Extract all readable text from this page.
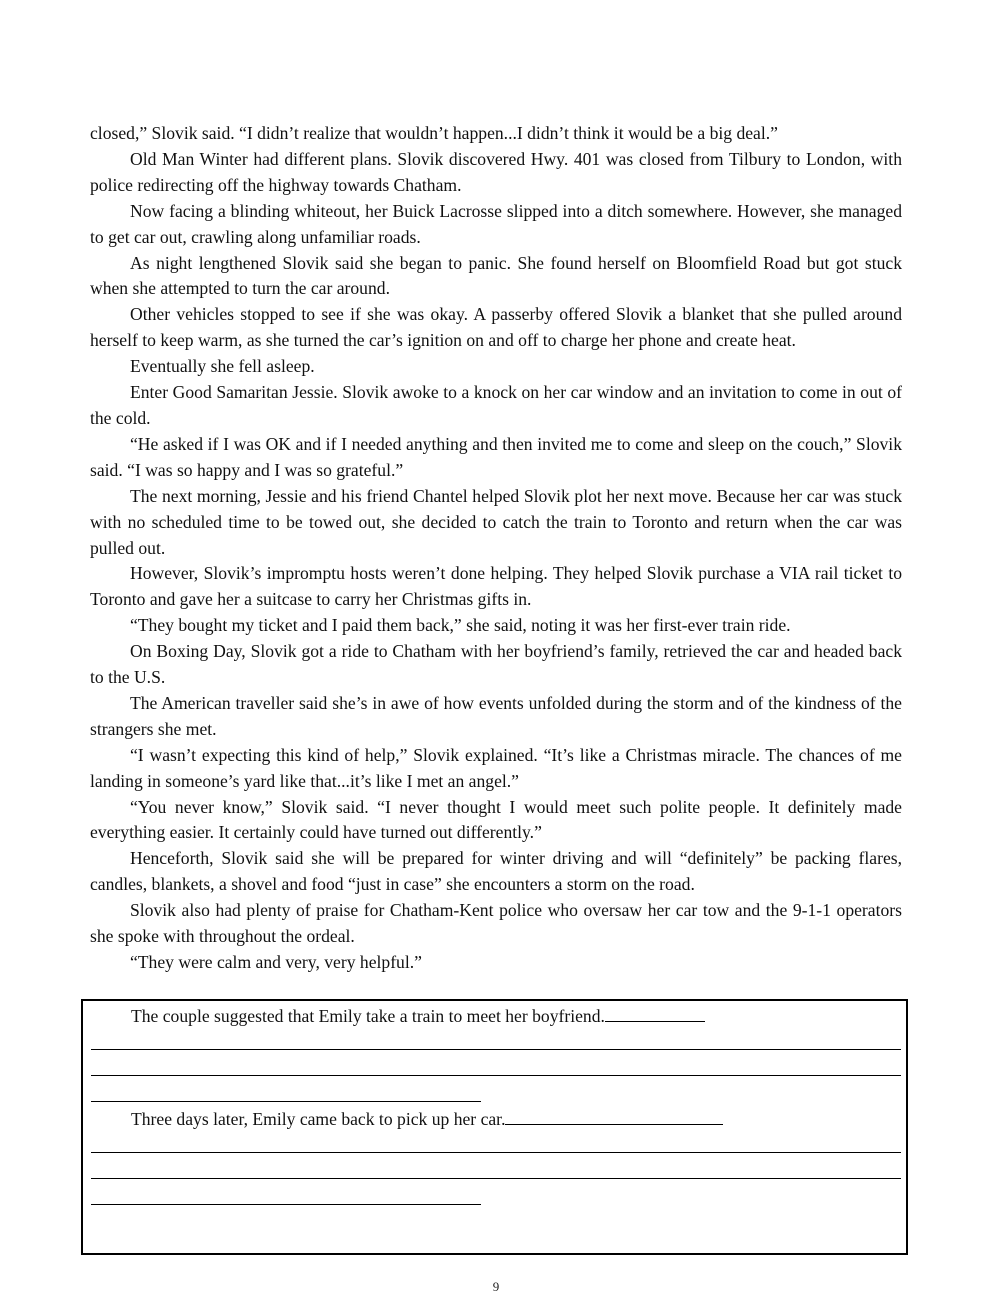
closed,” Slovik said. “I didn’t realize that wouldn’t happen...I didn’t think it would be a big deal.”

Old Man Winter had different plans. Slovik discovered Hwy. 401 was closed from Tilbury to London, with police redirecting off the highway towards Chatham.

Now facing a blinding whiteout, her Buick Lacrosse slipped into a ditch somewhere. However, she managed to get car out, crawling along unfamiliar roads.

As night lengthened Slovik said she began to panic. She found herself on Bloomfield Road but got stuck when she attempted to turn the car around.

Other vehicles stopped to see if she was okay. A passerby offered Slovik a blanket that she pulled around herself to keep warm, as she turned the car’s ignition on and off to charge her phone and create heat.

Eventually she fell asleep.

Enter Good Samaritan Jessie. Slovik awoke to a knock on her car window and an invitation to come in out of the cold.

“He asked if I was OK and if I needed anything and then invited me to come and sleep on the couch,” Slovik said. “I was so happy and I was so grateful.”

The next morning, Jessie and his friend Chantel helped Slovik plot her next move. Because her car was stuck with no scheduled time to be towed out, she decided to catch the train to Toronto and return when the car was pulled out.

However, Slovik’s impromptu hosts weren’t done helping. They helped Slovik purchase a VIA rail ticket to Toronto and gave her a suitcase to carry her Christmas gifts in.

“They bought my ticket and I paid them back,” she said, noting it was her first-ever train ride.

On Boxing Day, Slovik got a ride to Chatham with her boyfriend’s family, retrieved the car and headed back to the U.S.

The American traveller said she’s in awe of how events unfolded during the storm and of the kindness of the strangers she met.

“I wasn’t expecting this kind of help,” Slovik explained. “It’s like a Christmas miracle. The chances of me landing in someone’s yard like that...it’s like I met an angel.”

“You never know,” Slovik said. “I never thought I would meet such polite people. It definitely made everything easier. It certainly could have turned out differently.”

Henceforth, Slovik said she will be prepared for winter driving and will “definitely” be packing flares, candles, blankets, a shovel and food “just in case” she encounters a storm on the road.

Slovik also had plenty of praise for Chatham-Kent police who oversaw her car tow and the 9-1-1 operators she spoke with throughout the ordeal.

“They were calm and very, very helpful.”

The couple suggested that Emily take a train to meet her boyfriend.
Three days later, Emily came back to pick up her car.
9
